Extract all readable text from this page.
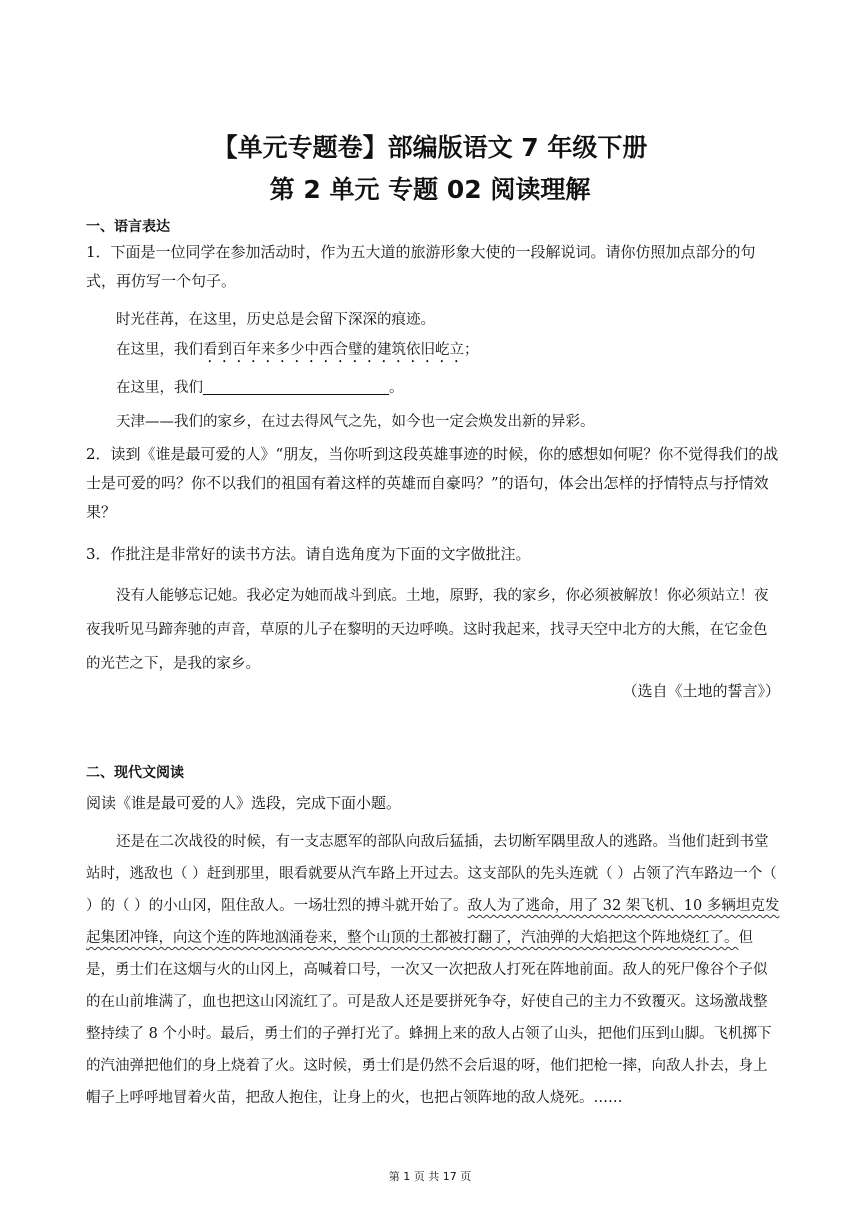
【单元专题卷】部编版语文 7 年级下册
第 2 单元 专题 02 阅读理解
一、语言表达
1．下面是一位同学在参加活动时，作为五大道的旅游形象大使的一段解说词。请你仿照加点部分的句式，再仿写一个句子。
时光荏苒，在这里，历史总是会留下深深的痕迹。
在这里，我们看到百年来多少中西合璧的建筑依旧屹立；
在这里，我们	。
天津——我们的家乡，在过去得风气之先，如今也一定会焕发出新的异彩。
2．读到《谁是最可爱的人》“朋友，当你听到这段英雄事迹的时候，你的感想如何呢？你不觉得我们的战士是可爱的吗？你不以我们的祖国有着这样的英雄而自豪吗？”的语句，体会出怎样的抒情特点与抒情效果？
3．作批注是非常好的读书方法。请自选角度为下面的文字做批注。
没有人能够忘记她。我必定为她而战斗到底。土地，原野，我的家乡，你必须被解放！你必须站立！夜夜我听见马蹄奔驰的声音，草原的儿子在黎明的天边呼唤。这时我起来，找寻天空中北方的大熊，在它金色的光芒之下，是我的家乡。
（选自《土地的誓言》）
二、现代文阅读
阅读《谁是最可爱的人》选段，完成下面小题。
还是在二次战役的时候，有一支志愿军的部队向敌后猛插，去切断军隅里敌人的逃路。当他们赶到书堂站时，逃敌也（ ）赶到那里，眼看就要从汽车路上开过去。这支部队的先头连就（ ）占领了汽车路边一个（ ）的（ ）的小山冈，阻住敌人。一场壮烈的搏斗就开始了。敌人为了逃命，用了 32 架飞机、10 多辆坦克发起集团冲锋，向这个连的阵地汹涌卷来，整个山顶的土都被打翻了，汽油弹的大焰把这个阵地烧红了。但是，勇士们在这烟与火的山冈上，高喊着口号，一次又一次把敌人打死在阵地前面。敌人的死尸像谷个子似的在山前堆满了，血也把这山冈流红了。可是敌人还是要拼死争夺，好使自己的主力不致覆灭。这场激战整整持续了 8 个小时。最后，勇士们的子弹打光了。蜂拥上来的敌人占领了山头，把他们压到山脚。飞机掷下的汽油弹把他们的身上烧着了火。这时候，勇士们是仍然不会后退的呀，他们把枪一摔，向敌人扑去，身上帽子上呼呼地冒着火苗，把敌人抱住，让身上的火，也把占领阵地的敌人烧死。……
第 1 页 共 17 页
